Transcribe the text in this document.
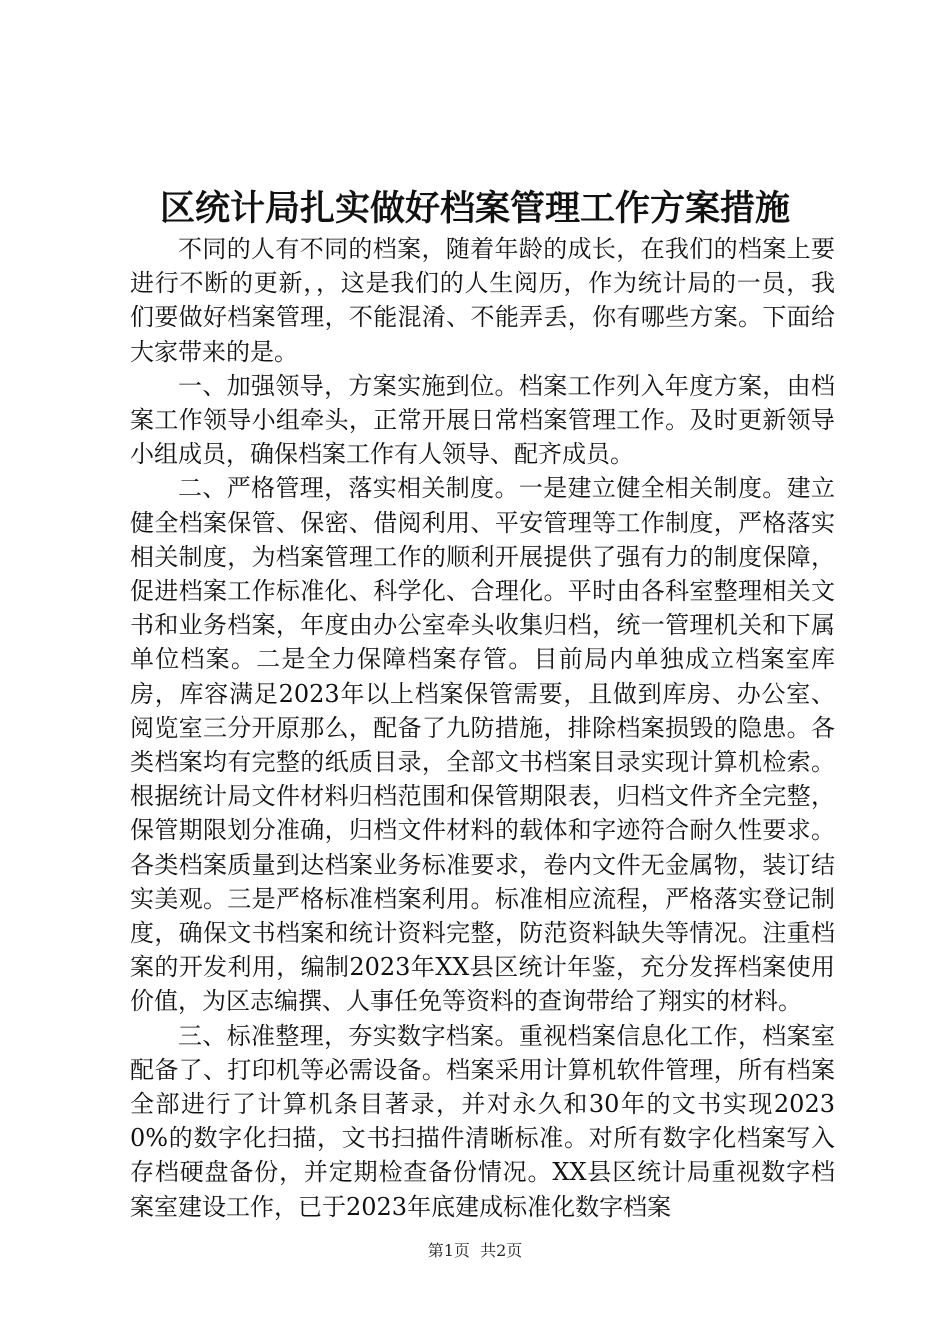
区统计局扎实做好档案管理工作方案措施

不同的人有不同的档案，随着年龄的成长，在我们的档案上要进行不断的更新，，这是我们的人生阅历，作为统计局的一员，我们要做好档案管理，不能混淆、不能弄丢，你有哪些方案。下面给大家带来的是。

一、加强领导，方案实施到位。档案工作列入年度方案，由档案工作领导小组牵头，正常开展日常档案管理工作。及时更新领导小组成员，确保档案工作有人领导、配齐成员。

二、严格管理，落实相关制度。一是建立健全相关制度。建立健全档案保管、保密、借阅利用、平安管理等工作制度，严格落实相关制度，为档案管理工作的顺利开展提供了强有力的制度保障，促进档案工作标准化、科学化、合理化。平时由各科室整理相关文书和业务档案，年度由办公室牵头收集归档，统一管理机关和下属单位档案。二是全力保障档案存管。目前局内单独成立档案室库房，库容满足2023年以上档案保管需要，且做到库房、办公室、阅览室三分开原那么，配备了九防措施，排除档案损毁的隐患。各类档案均有完整的纸质目录，全部文书档案目录实现计算机检索。根据统计局文件材料归档范围和保管期限表，归档文件齐全完整，保管期限划分准确，归档文件材料的载体和字迹符合耐久性要求。各类档案质量到达档案业务标准要求，卷内文件无金属物，装订结实美观。三是严格标准档案利用。标准相应流程，严格落实登记制度，确保文书档案和统计资料完整，防范资料缺失等情况。注重档案的开发利用，编制2023年XX县区统计年鉴，充分发挥档案使用价值，为区志编撰、人事任免等资料的查询带给了翔实的材料。

三、标准整理，夯实数字档案。重视档案信息化工作，档案室配备了、打印机等必需设备。档案采用计算机软件管理，所有档案全部进行了计算机条目著录，并对永久和30年的文书实现20230%的数字化扫描，文书扫描件清晰标准。对所有数字化档案写入存档硬盘备份，并定期检查备份情况。XX县区统计局重视数字档案室建设工作，已于2023年底建成标准化数字档案

第1页 共2页
